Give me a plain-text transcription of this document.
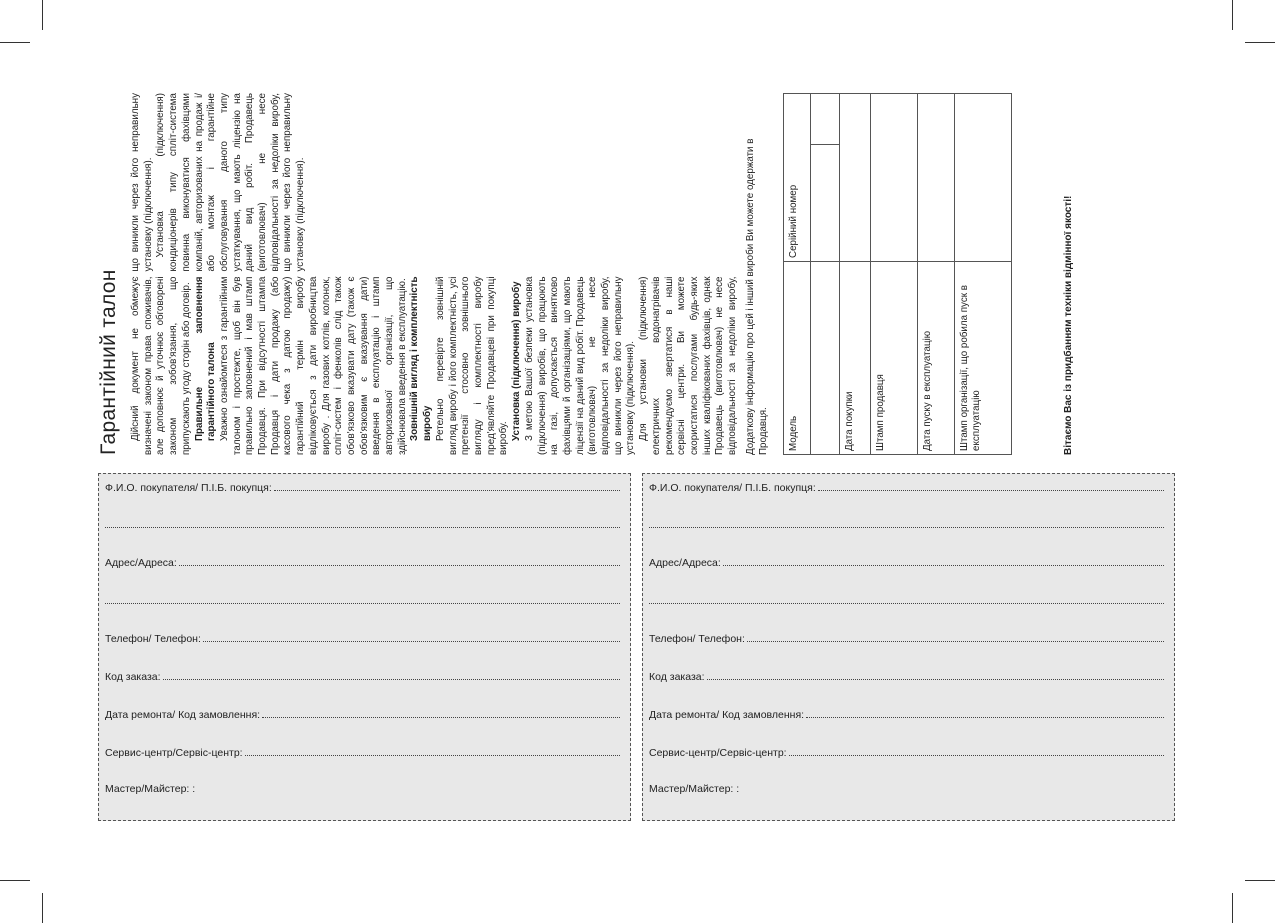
Гарантійний талон	Дійсний документ не обмежує визначені законом права споживачів, але доповнює й уточнює обговорені законом зобов'язання, що припускають угоду сторін або договір. Правильне заповнення гарантійного талона Уважно ознайомтеся з гарантійним талоном і простежте, щоб він був правильно заповнений і мав штамп Продавця. При відсутності штампа Продавця і дати продажу (або касового чека з датою продажу) гарантійний термін виробу відліковується з дати виробництва виробу . Для газових котлів, колонок, спліт-систем і фенколів слід також обов'язково вказувати дату (також є обов'язковим є вказування дати) введення в експлуатацію і штамп авторизованої організації, що здійснювала введення в експлуатацію. Зовнішній вигляд і комплектність виробу Ретельно перевірте зовнішній вигляд виробу і його комплектність, усі претензії стосовно зовнішнього вигляду і комплектності виробу пред'являйте Продавцеві при покупці виробу. Установка (підключення) виробу З метою Вашої безпеки установка (підключення) виробів, що працюють на газі, допускається винятково фахівцями й організаціями, що мають ліцензії на даний вид робіт. Продавець (виготовлювач) не несе відповідальності за недоліки виробу, що виникли через його неправильну установку (підключення). Для установки (підключення) електричних водонагрівачів рекомендуємо звертатися в наші сервісні центри. Ви можете скористатися послугами будь-яких інших кваліфікованих фахівців, однак Продавець (виготовлювач) не несе відповідальності за недоліки виробу, що виникли через його неправильну установку (підключення). Установка (підключення) кондиціонерів типу спліт-система повинна виконуватися фахівцями компаній, авторизованих на продаж і/або монтаж і гарантійне обслуговування даного типу устаткування, що мають ліцензію на даний вид робіт. Продавець (виготовлювач) не несе відповідальності за недоліки виробу, що виникли через його неправильну установку (підключення).	Додаткову інформацію про цей і інший вироби Ви можете одержати в Продавця. Модель	Серійний номер	

Дата покупки		
Штамп продавця		
Дата пуску в експлуатацію		
Штамп організації, що робила пуск в експлуатацію			Вітаємо Вас із придбанням техніки відмінної якості!
Ф.И.О. покупателя/ П.І.Б. покупця:
Адрес/Адреса:
Телефон/ Телефон:
Код заказа:
Дата ремонта/ Код замовлення:
Сервис-центр/Сервіс-центр:
Мастер/Майстер: :
Ф.И.О. покупателя/ П.І.Б. покупця:
Адрес/Адреса:
Телефон/ Телефон:
Код заказа:
Дата ремонта/ Код замовлення:
Сервис-центр/Сервіс-центр:
Мастер/Майстер: :
